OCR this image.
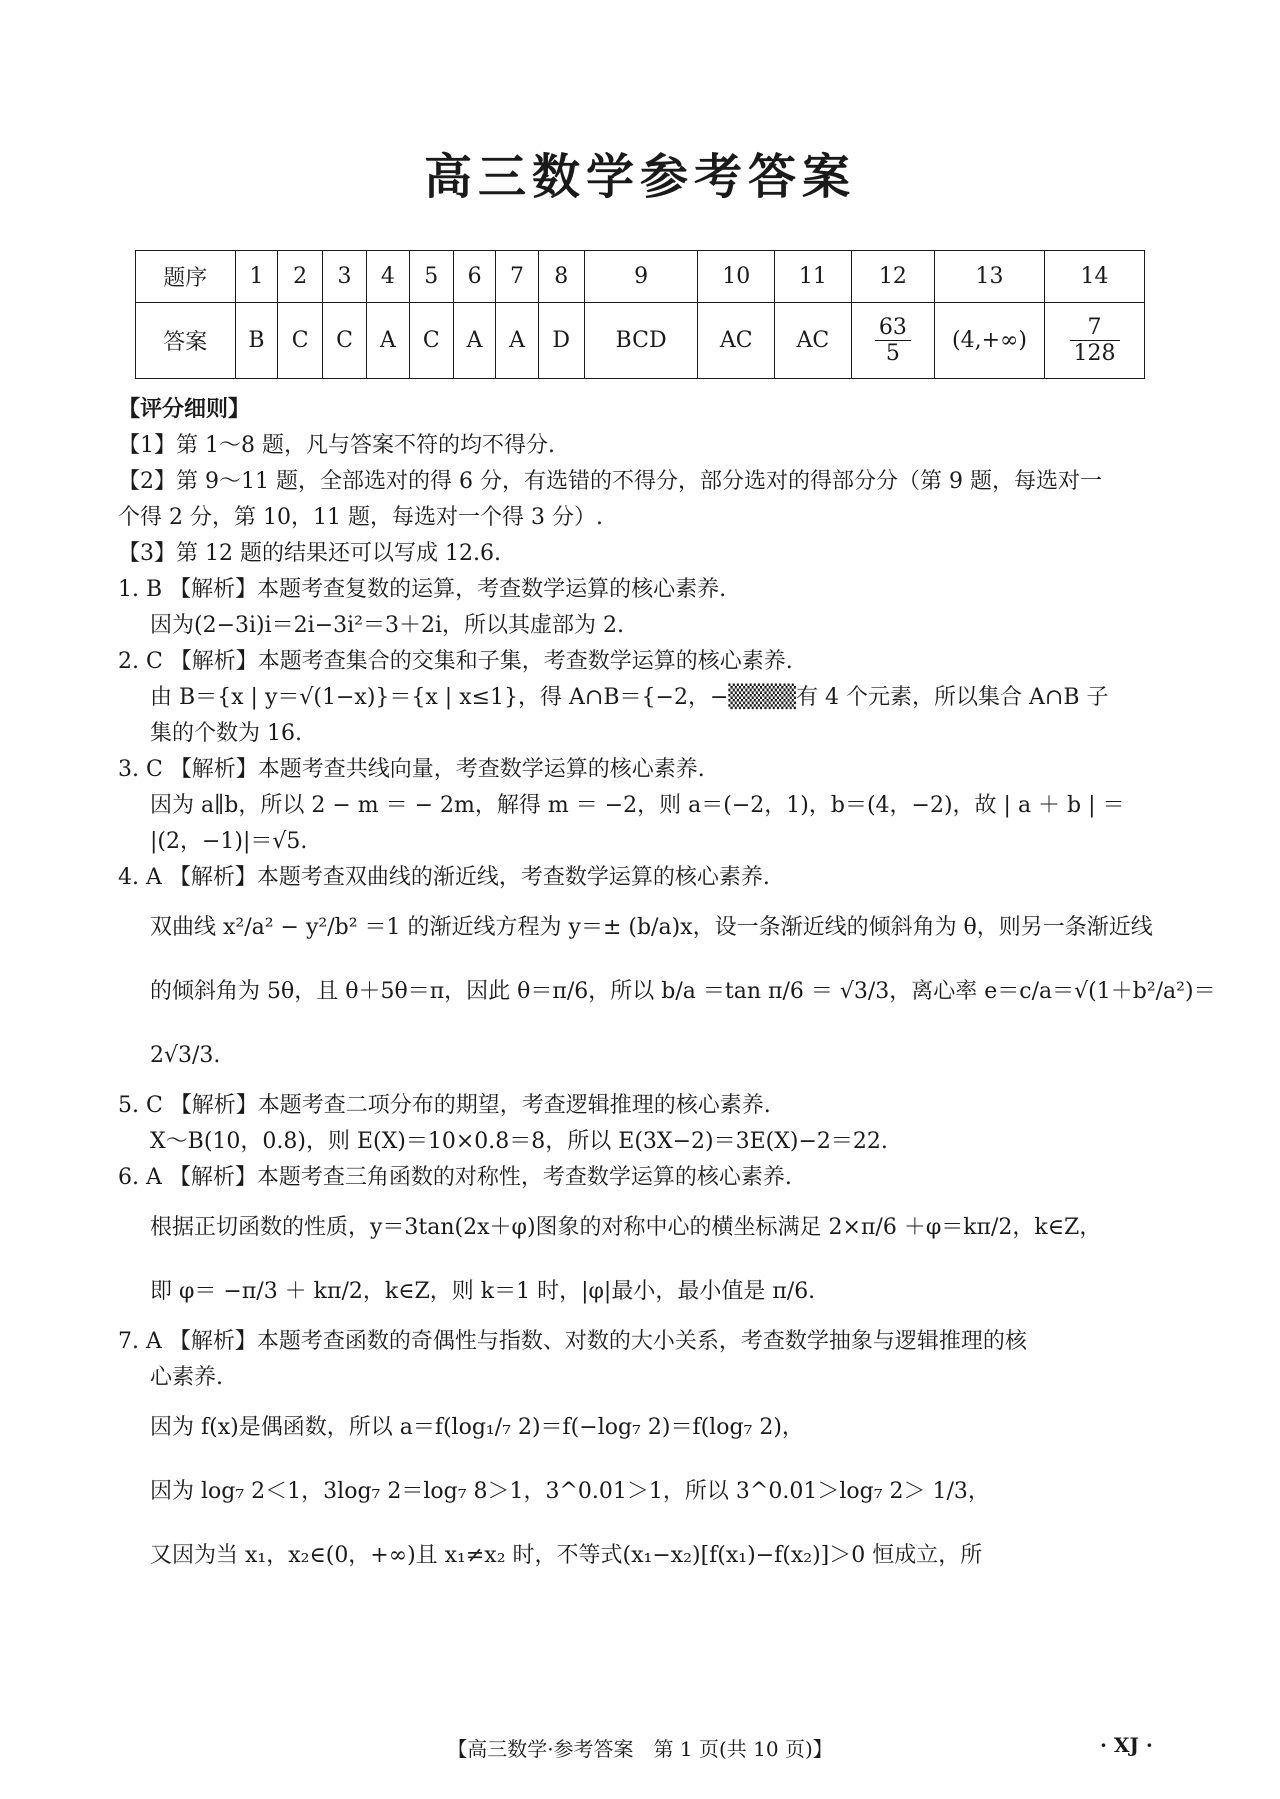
高三数学参考答案
题序	1	2	3	4	5	6	7	8	9	10	11	12	13	14
答案	B	C	C	A	C	A	A	D	BCD	AC	AC	$\frac{63}{5}$	(4,+∞)	$\frac{7}{128}$
【评分细则】
【1】第 1～8 题，凡与答案不符的均不得分.
【2】第 9～11 题，全部选对的得 6 分，有选错的不得分，部分选对的得部分分（第 9 题，每选对一
个得 2 分，第 10，11 题，每选对一个得 3 分）.
【3】第 12 题的结果还可以写成 12.6.
1. B 【解析】本题考查复数的运算，考查数学运算的核心素养.
因为(2−3i)i＝2i−3i²＝3＋2i，所以其虚部为 2.
2. C 【解析】本题考查集合的交集和子集，考查数学运算的核心素养.
由 B＝{x | y＝√(1−x)}＝{x | x≤1}，得 A∩B＝{−2，−▒▒▒▒有 4 个元素，所以集合 A∩B 子
集的个数为 16.
3. C 【解析】本题考查共线向量，考查数学运算的核心素养.
因为 a∥b，所以 2 − m ＝ − 2m，解得 m ＝ −2，则 a＝(−2，1)，b＝(4，−2)，故 | a ＋ b | ＝
|(2，−1)|＝√5.
4. A 【解析】本题考查双曲线的渐近线，考查数学运算的核心素养.
双曲线 x²/a² − y²/b² ＝1 的渐近线方程为 y＝± (b/a)x，设一条渐近线的倾斜角为 θ，则另一条渐近线
的倾斜角为 5θ，且 θ＋5θ＝π，因此 θ＝π/6，所以 b/a ＝tan π/6 ＝ √3/3，离心率 e＝c/a＝√(1＋b²/a²)＝
2√3/3.
5. C 【解析】本题考查二项分布的期望，考查逻辑推理的核心素养.
X～B(10，0.8)，则 E(X)＝10×0.8＝8，所以 E(3X−2)＝3E(X)−2＝22.
6. A 【解析】本题考查三角函数的对称性，考查数学运算的核心素养.
根据正切函数的性质，y＝3tan(2x＋φ)图象的对称中心的横坐标满足 2×π/6 ＋φ＝kπ/2，k∈Z，
即 φ＝ −π/3 ＋ kπ/2，k∈Z，则 k＝1 时，|φ|最小，最小值是 π/6.
7. A 【解析】本题考查函数的奇偶性与指数、对数的大小关系，考查数学抽象与逻辑推理的核
心素养.
因为 f(x)是偶函数，所以 a＝f(log₁/₇ 2)＝f(−log₇ 2)＝f(log₇ 2)，
因为 log₇ 2＜1，3log₇ 2＝log₇ 8＞1，3^0.01＞1，所以 3^0.01＞log₇ 2＞ 1/3，
又因为当 x₁，x₂∈(0，+∞)且 x₁≠x₂ 时，不等式(x₁−x₂)[f(x₁)−f(x₂)]＞0 恒成立，所
【高三数学·参考答案　第 1 页(共 10 页)】	· XJ ·
